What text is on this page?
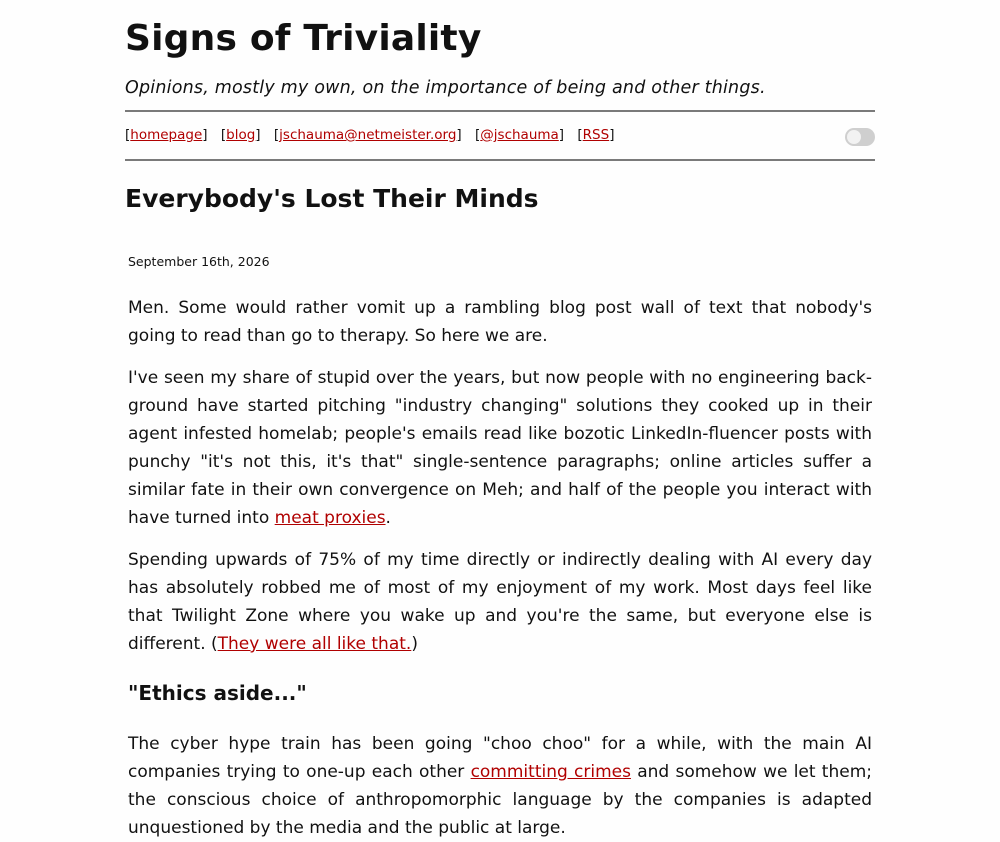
Signs of Triviality

Opinions, mostly my own, on the importance of being and other things.

[homepage] [blog] [jschauma@netmeister.org] [@jschauma] [RSS]
Everybody's Lost Their Minds

September 16th, 2026

Men. Some would rather vomit up a rambling blog post wall of text that nobody's going to read than go to therapy. So here we are.

I've seen my share of stupid over the years, but now people with no engineering background have started pitching "industry changing" solutions they cooked up in their agent infested homelab; people's emails read like bozotic LinkedIn-fluencer posts with punchy "it's not this, it's that" single-sentence paragraphs; online articles suffer a similar fate in their own convergence on Meh; and half of the people you interact with have turned into meat proxies.

Spending upwards of 75% of my time directly or indirectly dealing with AI every day has absolutely robbed me of most of my enjoyment of my work. Most days feel like that Twilight Zone where you wake up and you're the same, but everyone else is different. (They were all like that.)

"Ethics aside..."

The cyber hype train has been going "choo choo" for a while, with the main AI companies trying to one-up each other committing crimes and somehow we let them; the conscious choice of anthropomorphic language by the companies is adapted unquestioned by the media and the public at large.
